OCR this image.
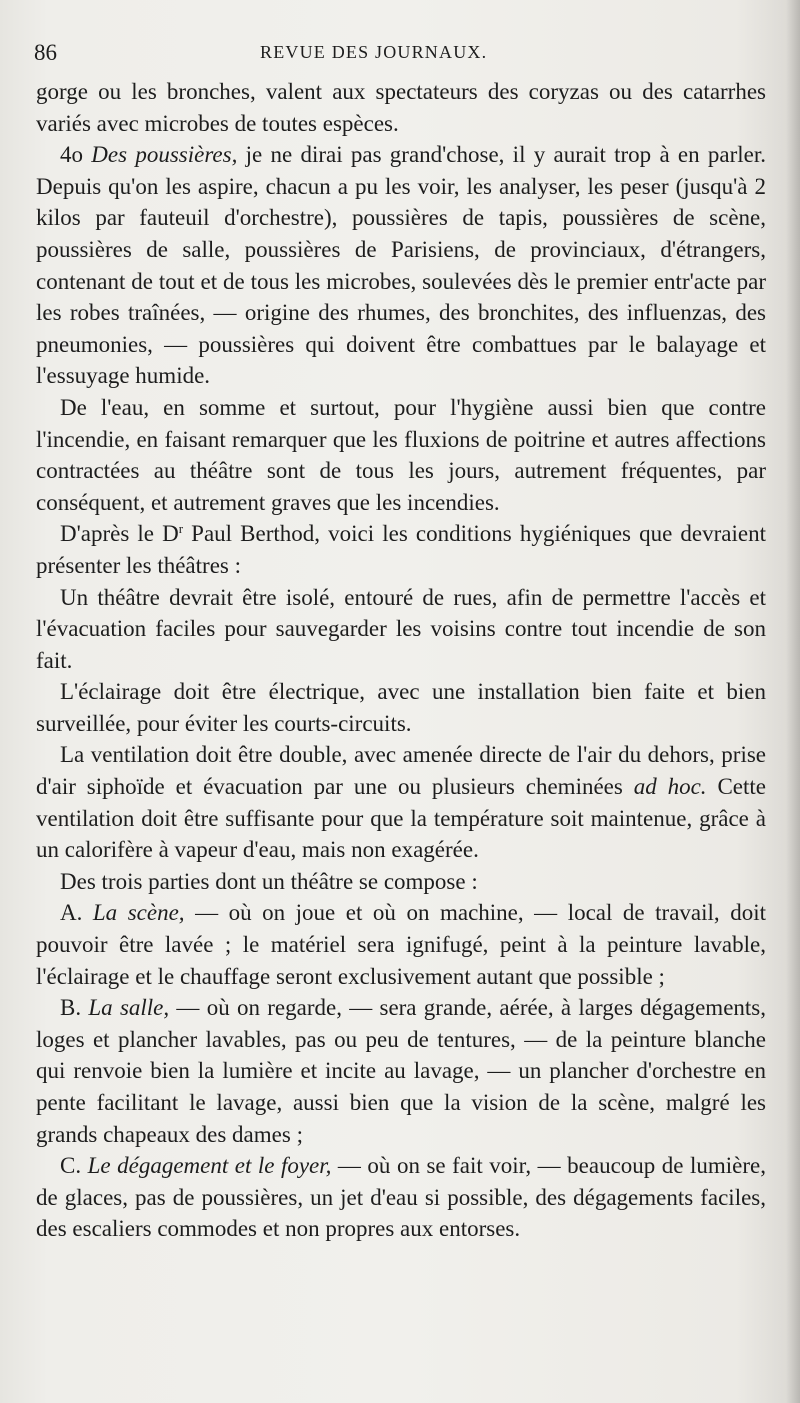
86	REVUE DES JOURNAUX.

gorge ou les bronches, valent aux spectateurs des coryzas ou des catarrhes variés avec microbes de toutes espèces.

4o Des poussières, je ne dirai pas grand'chose, il y aurait trop à en parler. Depuis qu'on les aspire, chacun a pu les voir, les analyser, les peser (jusqu'à 2 kilos par fauteuil d'orchestre), poussières de tapis, poussières de scène, poussières de salle, poussières de Parisiens, de provinciaux, d'étrangers, contenant de tout et de tous les microbes, soulevées dès le premier entr'acte par les robes traînées, — origine des rhumes, des bronchites, des influenzas, des pneumonies, — poussières qui doivent être combattues par le balayage et l'essuyage humide.

De l'eau, en somme et surtout, pour l'hygiène aussi bien que contre l'incendie, en faisant remarquer que les fluxions de poitrine et autres affections contractées au théâtre sont de tous les jours, autrement fréquentes, par conséquent, et autrement graves que les incendies.

D'après le $D^r$ Paul Berthod, voici les conditions hygiéniques que devraient présenter les théâtres :

Un théâtre devrait être isolé, entouré de rues, afin de permettre l'accès et l'évacuation faciles pour sauvegarder les voisins contre tout incendie de son fait.

L'éclairage doit être électrique, avec une installation bien faite et bien surveillée, pour éviter les courts-circuits.

La ventilation doit être double, avec amenée directe de l'air du dehors, prise d'air siphoïde et évacuation par une ou plusieurs cheminées ad hoc. Cette ventilation doit être suffisante pour que la température soit maintenue, grâce à un calorifère à vapeur d'eau, mais non exagérée.

Des trois parties dont un théâtre se compose :

A. La scène, — où on joue et où on machine, — local de travail, doit pouvoir être lavée ; le matériel sera ignifugé, peint à la peinture lavable, l'éclairage et le chauffage seront exclusivement autant que possible ;

B. La salle, — où on regarde, — sera grande, aérée, à larges dégagements, loges et plancher lavables, pas ou peu de tentures, — de la peinture blanche qui renvoie bien la lumière et incite au lavage, — un plancher d'orchestre en pente facilitant le lavage, aussi bien que la vision de la scène, malgré les grands chapeaux des dames ;

C. Le dégagement et le foyer, — où on se fait voir, — beaucoup de lumière, de glaces, pas de poussières, un jet d'eau si possible, des dégagements faciles, des escaliers commodes et non propres aux entorses.
